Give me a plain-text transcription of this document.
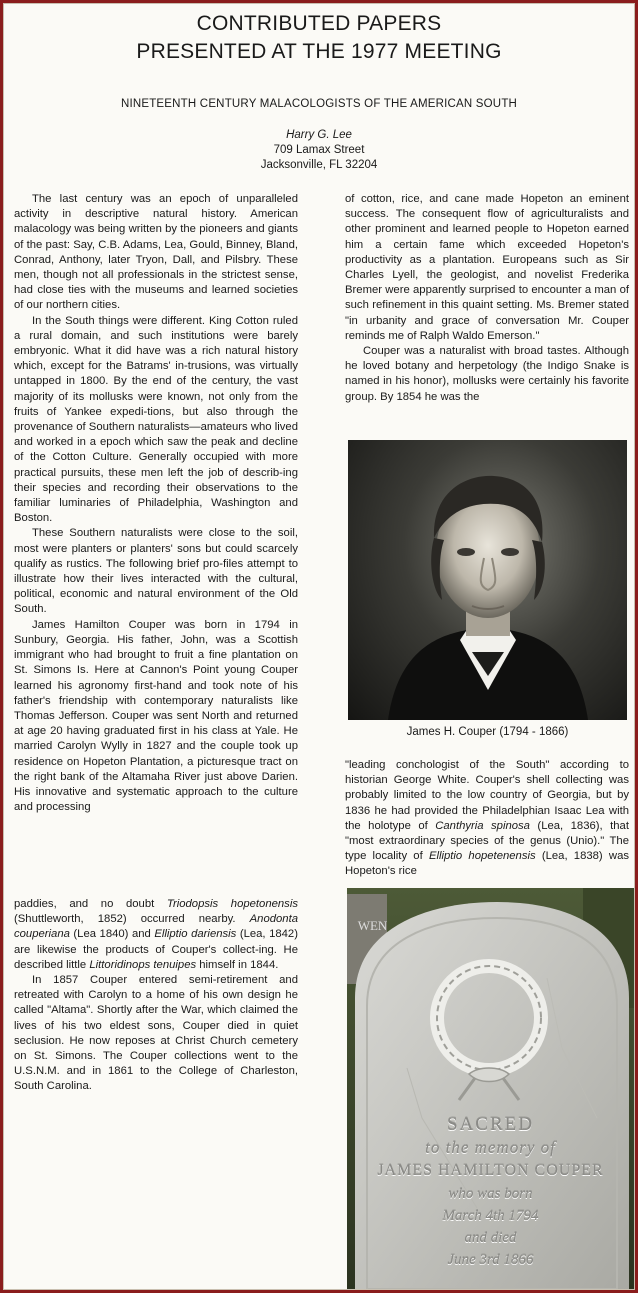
CONTRIBUTED PAPERS
PRESENTED AT THE 1977 MEETING
NINETEENTH CENTURY MALACOLOGISTS OF THE AMERICAN SOUTH
Harry G. Lee
709 Lamax Street
Jacksonville, FL 32204

The last century was an epoch of unparalleled activity in descriptive natural history. American malacology was being written by the pioneers and giants of the past: Say, C.B. Adams, Lea, Gould, Binney, Bland, Conrad, Anthony, later Tryon, Dall, and Pilsbry. These men, though not all professionals in the strictest sense, had close ties with the museums and learned societies of our northern cities.

In the South things were different. King Cotton ruled a rural domain, and such institutions were barely embryonic. What it did have was a rich natural history which, except for the Batrams' in-trusions, was virtually untapped in 1800. By the end of the century, the vast majority of its mollusks were known, not only from the fruits of Yankee expedi-tions, but also through the provenance of Southern naturalists—amateurs who lived and worked in a epoch which saw the peak and decline of the Cotton Culture. Generally occupied with more practical pursuits, these men left the job of describ-ing their species and recording their observations to the familiar luminaries of Philadelphia, Washington and Boston.

These Southern naturalists were close to the soil, most were planters or planters' sons but could scarcely qualify as rustics. The following brief pro-files attempt to illustrate how their lives interacted with the cultural, political, economic and natural environment of the Old South.

James Hamilton Couper was born in 1794 in Sunbury, Georgia. His father, John, was a Scottish immigrant who had brought to fruit a fine plantation on St. Simons Is. Here at Cannon's Point young Couper learned his agronomy first-hand and took note of his father's friendship with contemporary naturalists like Thomas Jefferson. Couper was sent North and returned at age 20 having graduated first in his class at Yale. He married Carolyn Wylly in 1827 and the couple took up residence on Hopeton Plantation, a picturesque tract on the right bank of the Altamaha River just above Darien. His innovative and systematic approach to the culture and processing

of cotton, rice, and cane made Hopeton an eminent success. The consequent flow of agriculturalists and other prominent and learned people to Hopeton earned him a certain fame which exceeded Hopeton's productivity as a plantation. Europeans such as Sir Charles Lyell, the geologist, and novelist Frederika Bremer were apparently surprised to encounter a man of such refinement in this quaint setting. Ms. Bremer stated "in urbanity and grace of conversation Mr. Couper reminds me of Ralph Waldo Emerson."

Couper was a naturalist with broad tastes. Although he loved botany and herpetology (the Indigo Snake is named in his honor), mollusks were certainly his favorite group. By 1854 he was the

James H. Couper (1794 - 1866)

"leading conchologist of the South" according to historian George White. Couper's shell collecting was probably limited to the low country of Georgia, but by 1836 he had provided the Philadelphian Isaac Lea with the holotype of Canthyria spinosa (Lea, 1836), that "most extraordinary species of the genus (Unio)." The type locality of Elliptio hopetenensis (Lea, 1838) was Hopeton's rice

paddies, and no doubt Triodopsis hopetonensis (Shuttleworth, 1852) occurred nearby. Anodonta couperiana (Lea 1840) and Elliptio dariensis (Lea, 1842) are likewise the products of Couper's collect-ing. He described little Littoridinops tenuipes himself in 1844.

In 1857 Couper entered semi-retirement and retreated with Carolyn to a home of his own design he called "Altama". Shortly after the War, which claimed the lives of his two eldest sons, Couper died in quiet seclusion. He now reposes at Christ Church cemetery on St. Simons. The Couper collections went to the U.S.N.M. and in 1861 to the College of Charleston, South Carolina.

WEN
SACRED
to the memory of
JAMES HAMILTON COUPER
who was born
March 4th 1794
and died
June 3rd 1866
